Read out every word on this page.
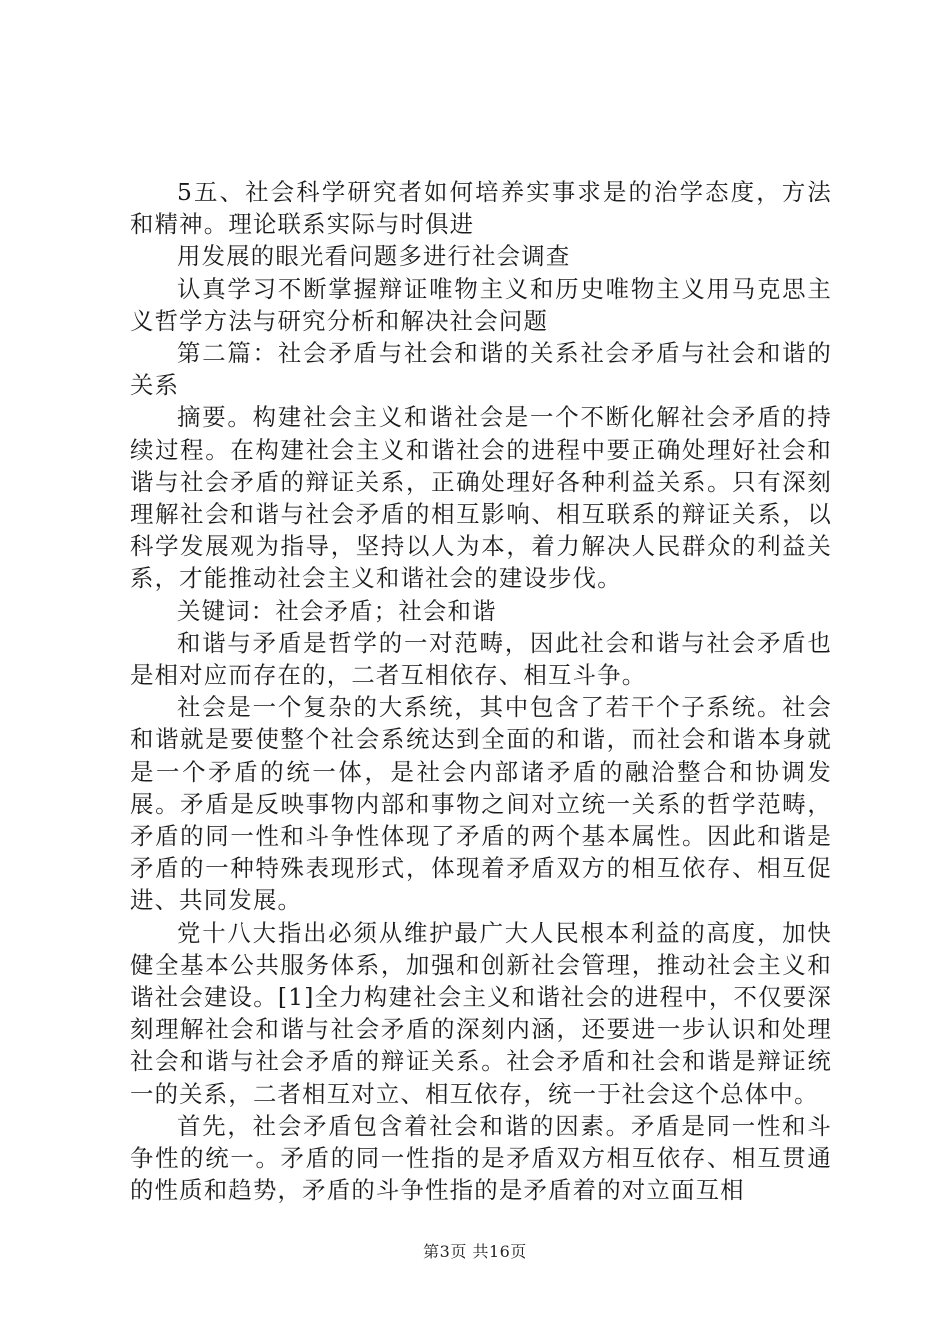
5五、社会科学研究者如何培养实事求是的治学态度，方法和精神。理论联系实际与时俱进

用发展的眼光看问题多进行社会调查

认真学习不断掌握辩证唯物主义和历史唯物主义用马克思主义哲学方法与研究分析和解决社会问题

第二篇：社会矛盾与社会和谐的关系社会矛盾与社会和谐的关系

摘要。构建社会主义和谐社会是一个不断化解社会矛盾的持续过程。在构建社会主义和谐社会的进程中要正确处理好社会和谐与社会矛盾的辩证关系，正确处理好各种利益关系。只有深刻理解社会和谐与社会矛盾的相互影响、相互联系的辩证关系，以科学发展观为指导，坚持以人为本，着力解决人民群众的利益关系，才能推动社会主义和谐社会的建设步伐。

关键词：社会矛盾；社会和谐

和谐与矛盾是哲学的一对范畴，因此社会和谐与社会矛盾也是相对应而存在的，二者互相依存、相互斗争。

社会是一个复杂的大系统，其中包含了若干个子系统。社会和谐就是要使整个社会系统达到全面的和谐，而社会和谐本身就是一个矛盾的统一体，是社会内部诸矛盾的融洽整合和协调发展。矛盾是反映事物内部和事物之间对立统一关系的哲学范畴，矛盾的同一性和斗争性体现了矛盾的两个基本属性。因此和谐是矛盾的一种特殊表现形式，体现着矛盾双方的相互依存、相互促进、共同发展。

党十八大指出必须从维护最广大人民根本利益的高度，加快健全基本公共服务体系，加强和创新社会管理，推动社会主义和谐社会建设。[1]全力构建社会主义和谐社会的进程中，不仅要深刻理解社会和谐与社会矛盾的深刻内涵，还要进一步认识和处理社会和谐与社会矛盾的辩证关系。社会矛盾和社会和谐是辩证统一的关系，二者相互对立、相互依存，统一于社会这个总体中。

首先，社会矛盾包含着社会和谐的因素。矛盾是同一性和斗争性的统一。矛盾的同一性指的是矛盾双方相互依存、相互贯通的性质和趋势，矛盾的斗争性指的是矛盾着的对立面互相

第3页 共16页
